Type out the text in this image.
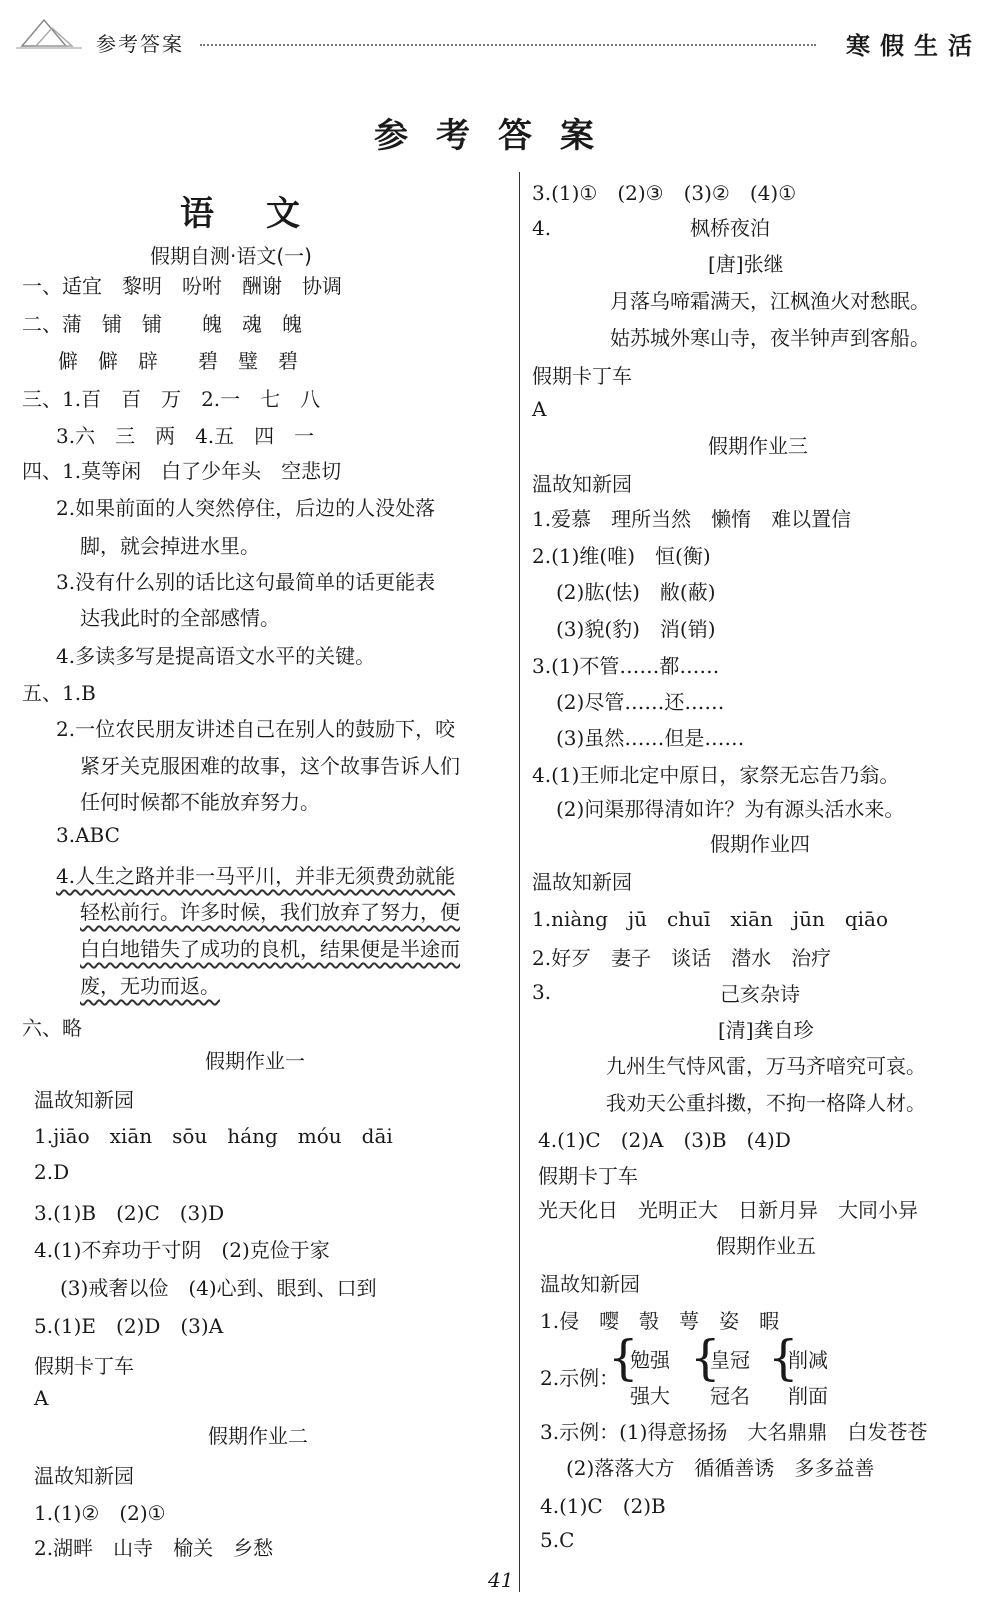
参考答案	寒假生活
参考答案
语文
假期自测·语文(一)
一、适宜　黎明　吩咐　酬谢　协调
二、蒲　铺　铺　　魄　魂　魄
　僻　僻　辟　　碧　璧　碧
三、1.百　百　万　2.一　七　八
3.六　三　两　4.五　四　一
四、1.莫等闲　白了少年头　空悲切
2.如果前面的人突然停住，后边的人没处落
脚，就会掉进水里。
3.没有什么别的话比这句最简单的话更能表
达我此时的全部感情。
4.多读多写是提高语文水平的关键。
五、1.B
2.一位农民朋友讲述自己在别人的鼓励下，咬
紧牙关克服困难的故事，这个故事告诉人们
任何时候都不能放弃努力。
3.ABC
4.人生之路并非一马平川，并非无须费劲就能
轻松前行。许多时候，我们放弃了努力，便
白白地错失了成功的良机，结果便是半途而
废，无功而返。
六、略
假期作业一
温故知新园
1.jiāo　xiān　sōu　háng　móu　dāi
2.D
3.(1)B　(2)C　(3)D
4.(1)不弃功于寸阴　(2)克俭于家
(3)戒奢以俭　(4)心到、眼到、口到
5.(1)E　(2)D　(3)A
假期卡丁车
A
假期作业二
温故知新园
1.(1)②　(2)①
2.湖畔　山寺　榆关　乡愁
3.(1)①　(2)③　(3)②　(4)①
4.	枫桥夜泊
[唐]张继
月落乌啼霜满天，江枫渔火对愁眠。
姑苏城外寒山寺，夜半钟声到客船。
假期卡丁车
A
假期作业三
温故知新园
1.爱慕　理所当然　懒惰　难以置信
2.(1)维(唯)　恒(衡)
(2)肱(怯)　敝(蔽)
(3)貌(豹)　消(销)
3.(1)不管……都……
(2)尽管……还……
(3)虽然……但是……
4.(1)王师北定中原日，家祭无忘告乃翁。
(2)问渠那得清如许？为有源头活水来。
假期作业四
温故知新园
1.niàng　jū　chuī　xiān　jūn　qiāo
2.好歹　妻子　谈话　潜水　治疗
3.	己亥杂诗
[清]龚自珍
九州生气恃风雷，万马齐喑究可哀。
我劝天公重抖擞，不拘一格降人材。
4.(1)C　(2)A　(3)B　(4)D
假期卡丁车
光天化日　光明正大　日新月异　大同小异
假期作业五
温故知新园
1.侵　嘤　彀　萼　姿　暇
2.示例：
{
勉强
强大
{
皇冠
冠名
{
削减
削面
3.示例：(1)得意扬扬　大名鼎鼎　白发苍苍
(2)落落大方　循循善诱　多多益善
4.(1)C　(2)B
5.C
41
